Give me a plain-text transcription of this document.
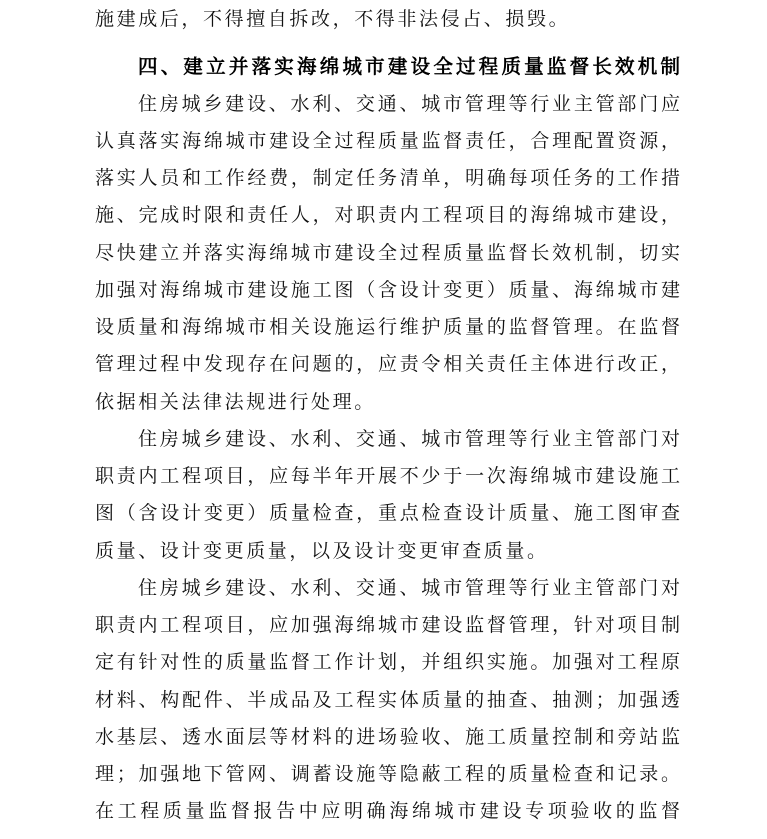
施建成后，不得擅自拆改，不得非法侵占、损毁。
四、建立并落实海绵城市建设全过程质量监督长效机制
住房城乡建设、水利、交通、城市管理等行业主管部门应
认真落实海绵城市建设全过程质量监督责任，合理配置资源，
落实人员和工作经费，制定任务清单，明确每项任务的工作措
施、完成时限和责任人，对职责内工程项目的海绵城市建设，
尽快建立并落实海绵城市建设全过程质量监督长效机制，切实
加强对海绵城市建设施工图（含设计变更）质量、海绵城市建
设质量和海绵城市相关设施运行维护质量的监督管理。在监督
管理过程中发现存在问题的，应责令相关责任主体进行改正，
依据相关法律法规进行处理。
住房城乡建设、水利、交通、城市管理等行业主管部门对
职责内工程项目，应每半年开展不少于一次海绵城市建设施工
图（含设计变更）质量检查，重点检查设计质量、施工图审查
质量、设计变更质量，以及设计变更审查质量。
住房城乡建设、水利、交通、城市管理等行业主管部门对
职责内工程项目，应加强海绵城市建设监督管理，针对项目制
定有针对性的质量监督工作计划，并组织实施。加强对工程原
材料、构配件、半成品及工程实体质量的抽查、抽测；加强透
水基层、透水面层等材料的进场验收、施工质量控制和旁站监
理；加强地下管网、调蓄设施等隐蔽工程的质量检查和记录。
在工程质量监督报告中应明确海绵城市建设专项验收的监督
